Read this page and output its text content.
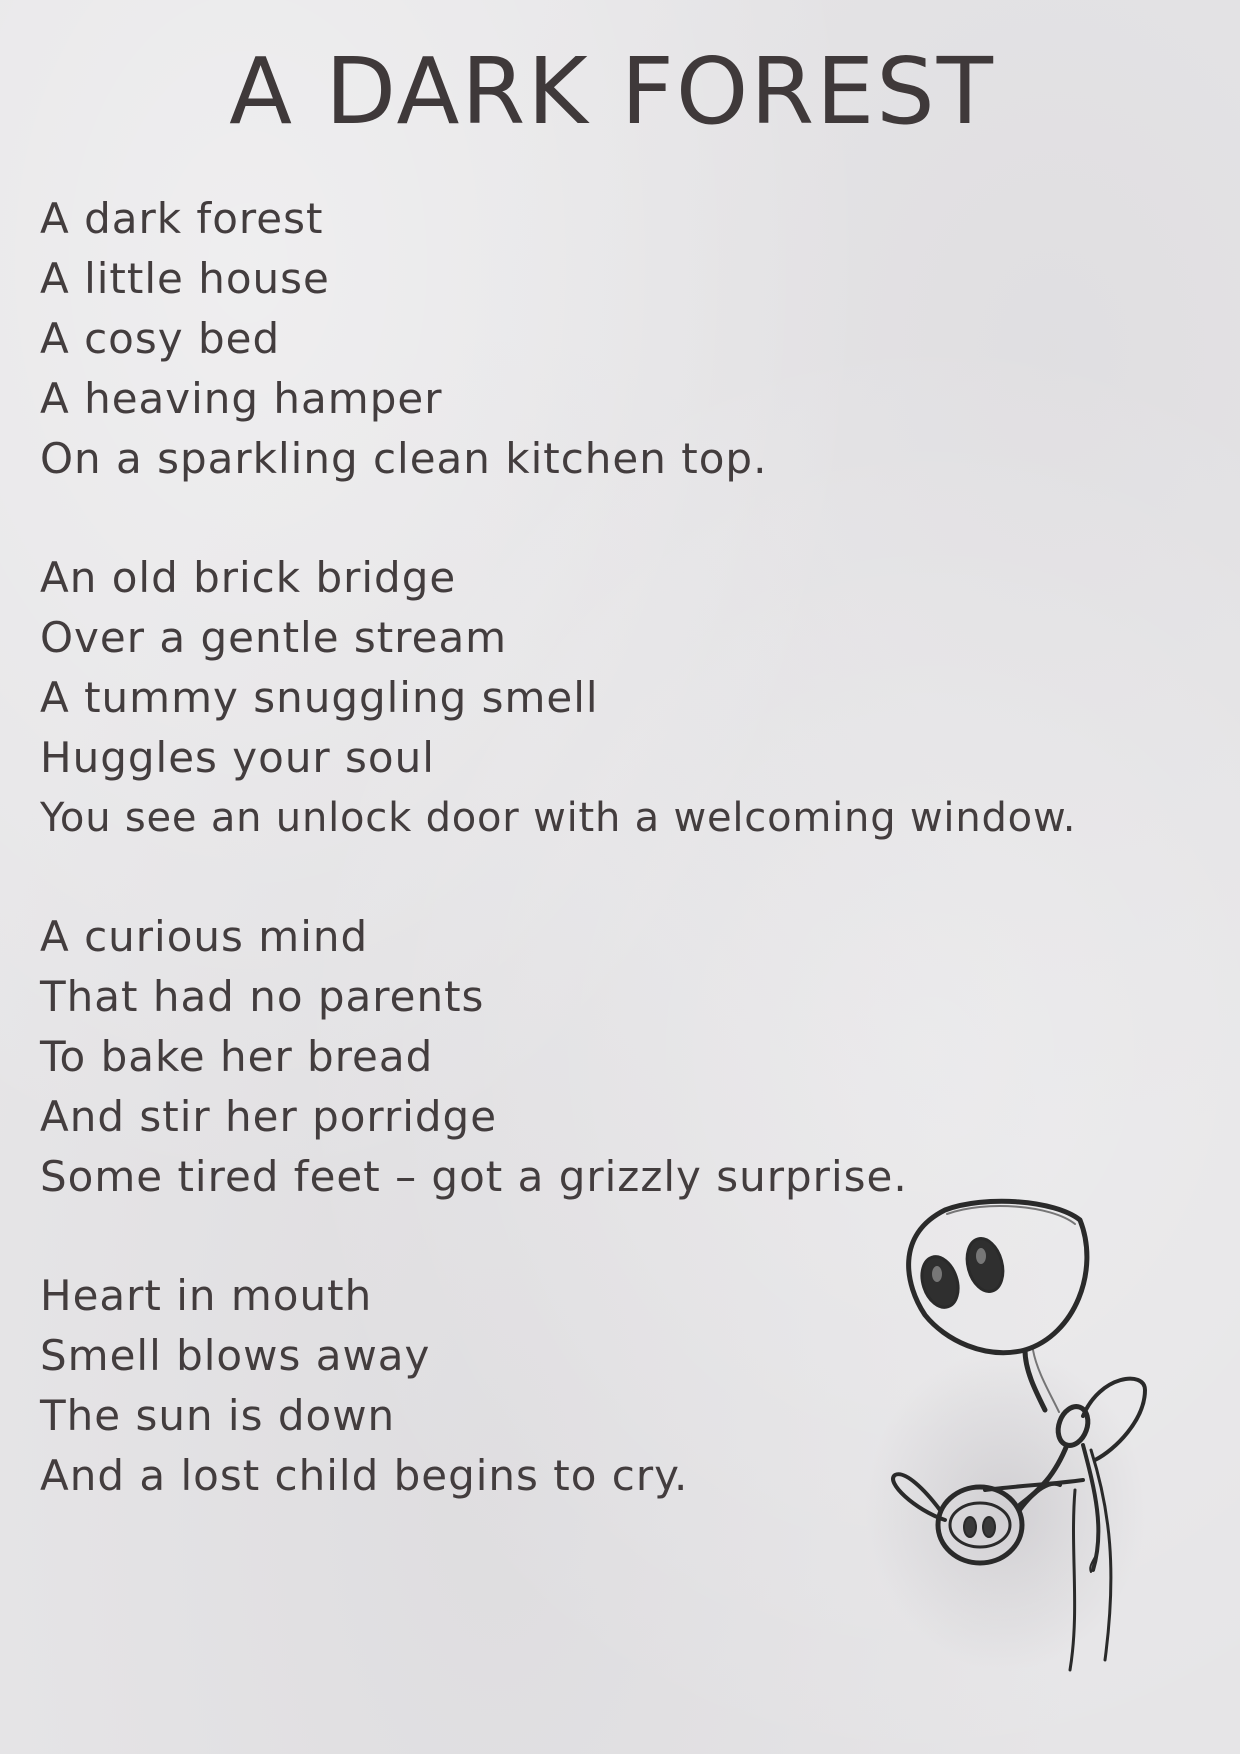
A DARK FOREST
A dark forest
A little house
A cosy bed
A heaving hamper
On a sparkling clean kitchen top.
An old brick bridge
Over a gentle stream
A tummy snuggling smell
Huggles your soul
You see an unlock door with a welcoming window.
A curious mind
That had no parents
To bake her bread
And stir her porridge
Some tired feet – got a grizzly surprise.
Heart in mouth
Smell blows away
The sun is down
And a lost child begins to cry.
